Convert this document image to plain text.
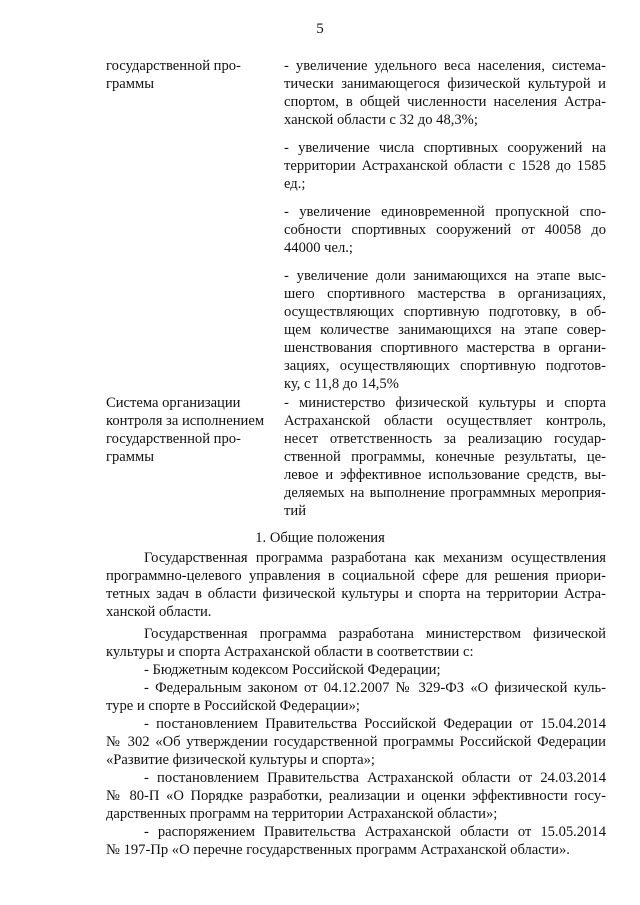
5
государственной про-
граммы
- увеличение удельного веса населения, система-
тически занимающегося физической культурой и
спортом, в общей численности населения Астра-
ханской области с 32 до 48,3%;
- увеличение числа спортивных сооружений на
территории Астраханской области с 1528 до 1585
ед.;
- увеличение единовременной пропускной спо-
собности спортивных сооружений от 40058 до
44000 чел.;
- увеличение доли занимающихся на этапе выс-
шего спортивного мастерства в организациях,
осуществляющих спортивную подготовку, в об-
щем количестве занимающихся на этапе совер-
шенствования спортивного мастерства в органи-
зациях, осуществляющих спортивную подготов-
ку, с 11,8 до 14,5%
Система организации
контроля за исполнением
государственной про-
граммы
- министерство физической культуры и спорта
Астраханской области осуществляет контроль,
несет ответственность за реализацию государ-
ственной программы, конечные результаты, це-
левое и эффективное использование средств, вы-
деляемых на выполнение программных мероприя-
тий
1. Общие положения
Государственная программа разработана как механизм осуществления
программно-целевого управления в социальной сфере для решения приори-
тетных задач в области физической культуры и спорта на территории Астра-
ханской области.
Государственная программа разработана министерством физической
культуры и спорта Астраханской области в соответствии с:
- Бюджетным кодексом Российской Федерации;
- Федеральным законом от 04.12.2007 № 329-ФЗ «О физической куль-
туре и спорте в Российской Федерации»;
- постановлением Правительства Российской Федерации от 15.04.2014
№ 302 «Об утверждении государственной программы Российской Федерации
«Развитие физической культуры и спорта»;
- постановлением Правительства Астраханской области от 24.03.2014
№ 80-П «О Порядке разработки, реализации и оценки эффективности госу-
дарственных программ на территории Астраханской области»;
- распоряжением Правительства Астраханской области от 15.05.2014
№ 197-Пр «О перечне государственных программ Астраханской области».
